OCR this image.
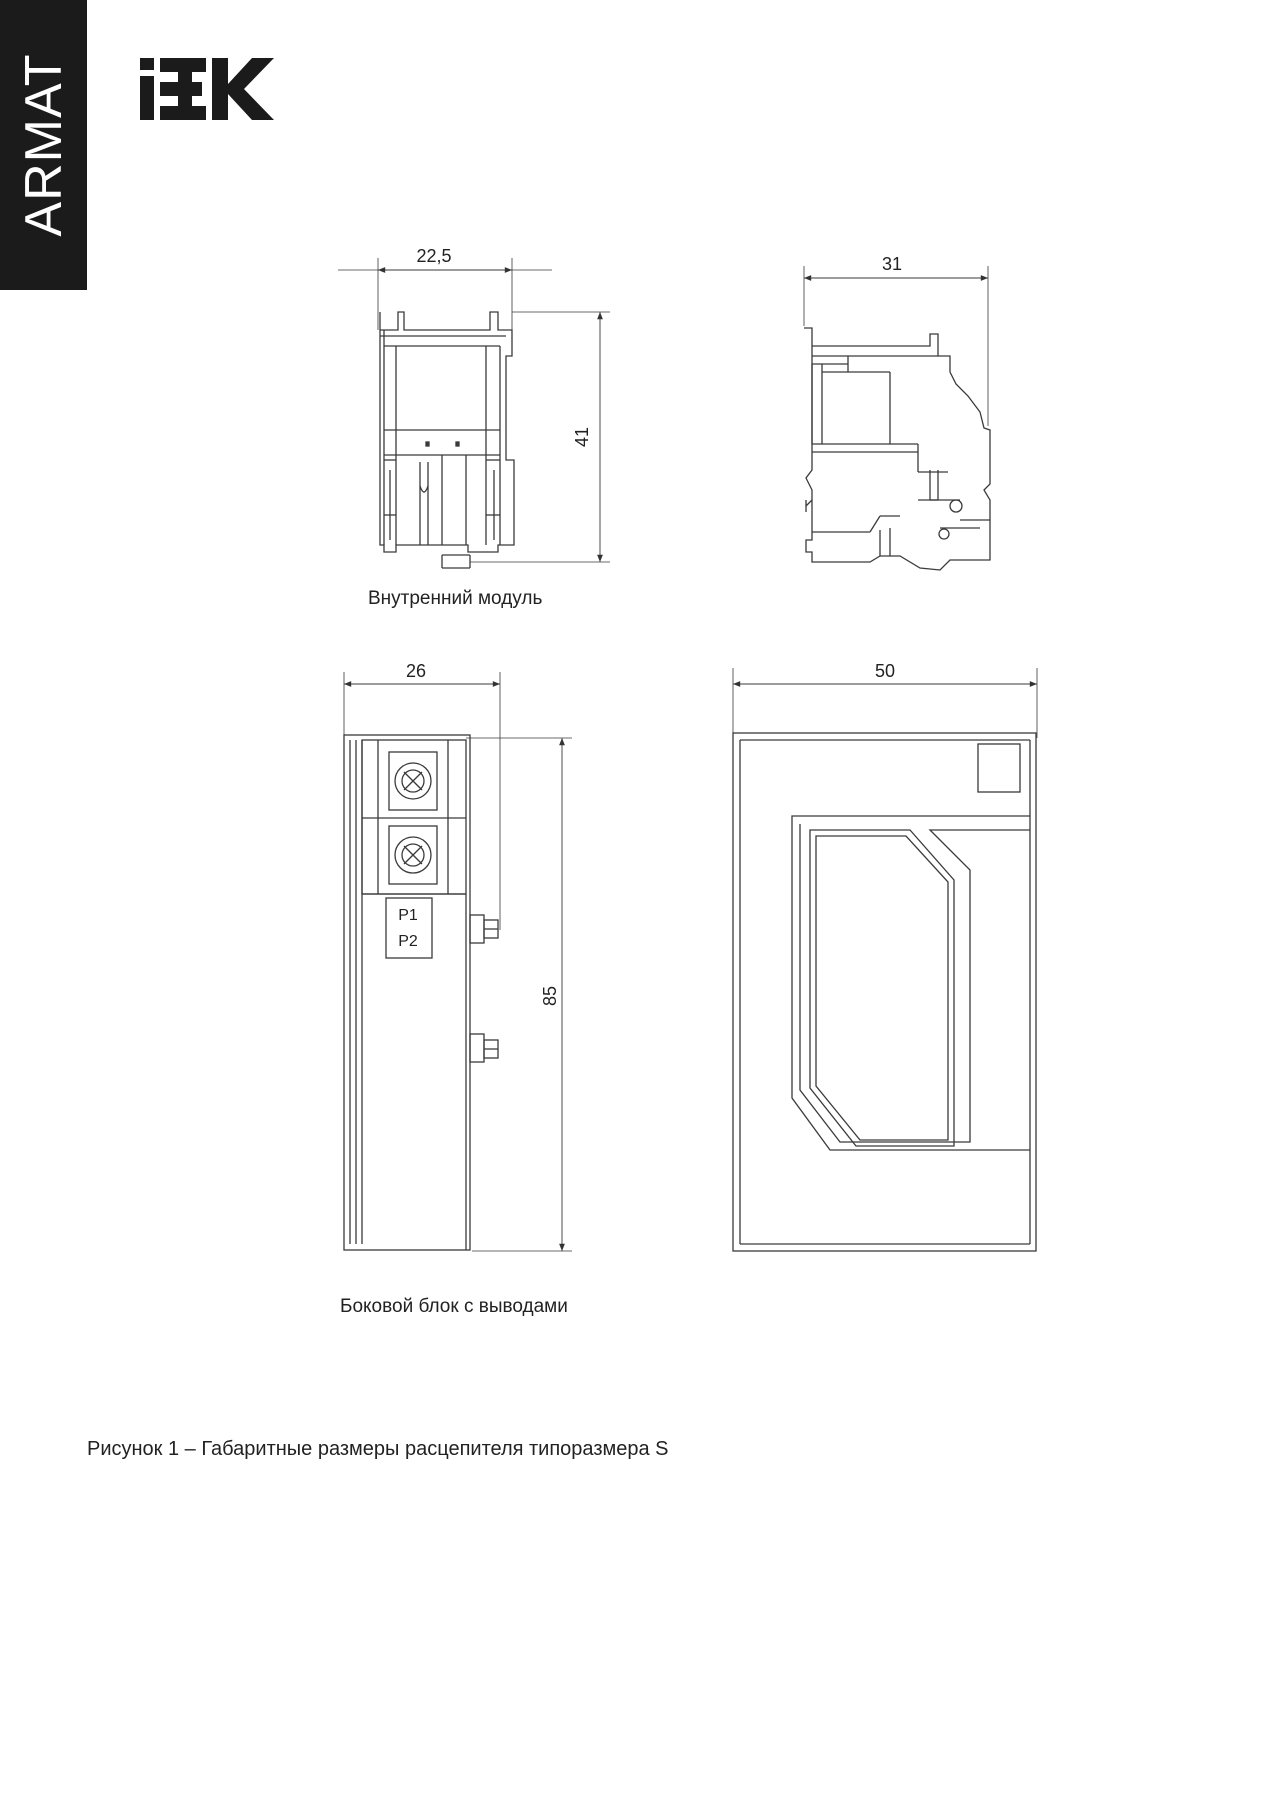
ARMAT
22,5
41
31
26
85
50
P1
P2
Внутренний модуль
Боковой блок с выводами
Рисунок 1 – Габаритные размеры расцепителя типоразмера S
